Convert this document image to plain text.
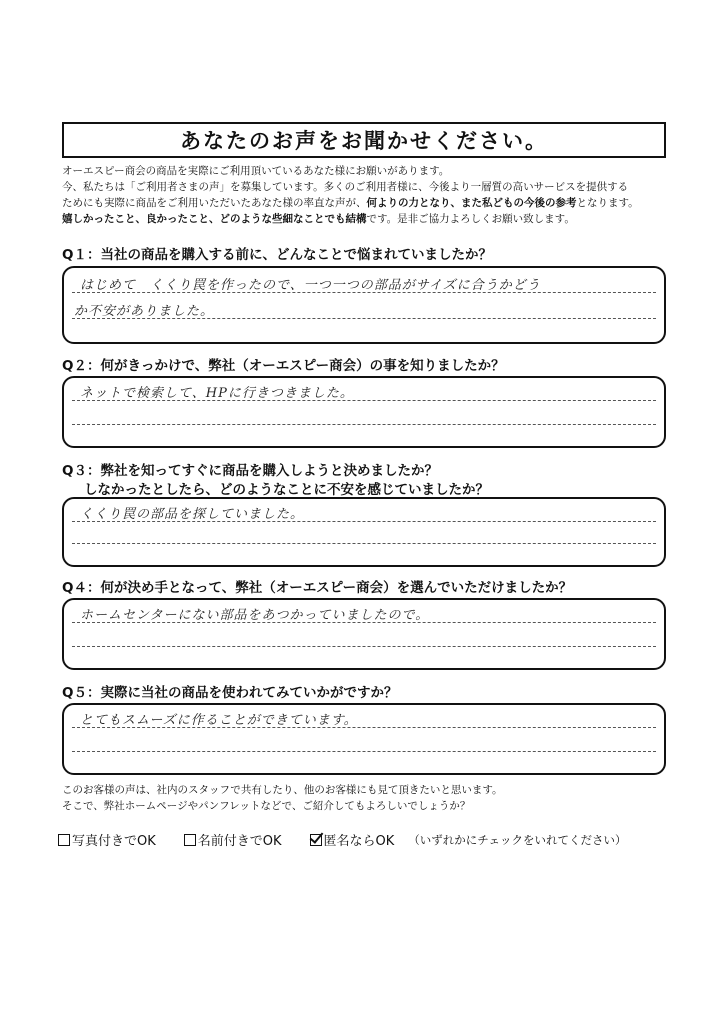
あなたのお声をお聞かせください。
オーエスピー商会の商品を実際にご利用頂いているあなた様にお願いがあります。
今、私たちは「ご利用者さまの声」を募集しています。多くのご利用者様に、今後より一層質の高いサービスを提供する
ためにも実際に商品をご利用いただいたあなた様の率直な声が、何よりの力となり、また私どもの今後の参考となります。
嬉しかったこと、良かったこと、どのような些細なことでも結構です。是非ご協力よろしくお願い致します。
Q１：当社の商品を購入する前に、どんなことで悩まれていましたか？
はじめて　くくり罠を作ったので、一つ一つの部品がサイズに合うかどう
か不安がありました。
Q２：何がきっかけで、弊社（オーエスピー商会）の事を知りましたか？
ネットで検索して、HPに行きつきました。
Q３：弊社を知ってすぐに商品を購入しようと決めましたか？
しなかったとしたら、どのようなことに不安を感じていましたか？
くくり罠の部品を探していました。
Q４：何が決め手となって、弊社（オーエスピー商会）を選んでいただけましたか？
ホームセンターにない部品をあつかっていましたので。
Q５：実際に当社の商品を使われてみていかがですか？
とてもスムーズに作ることができています。
このお客様の声は、社内のスタッフで共有したり、他のお客様にも見て頂きたいと思います。
そこで、弊社ホームページやパンフレットなどで、ご紹介してもよろしいでしょうか？
写真付きでOK	名前付きでOK	匿名ならOK （いずれかにチェックをいれてください）
